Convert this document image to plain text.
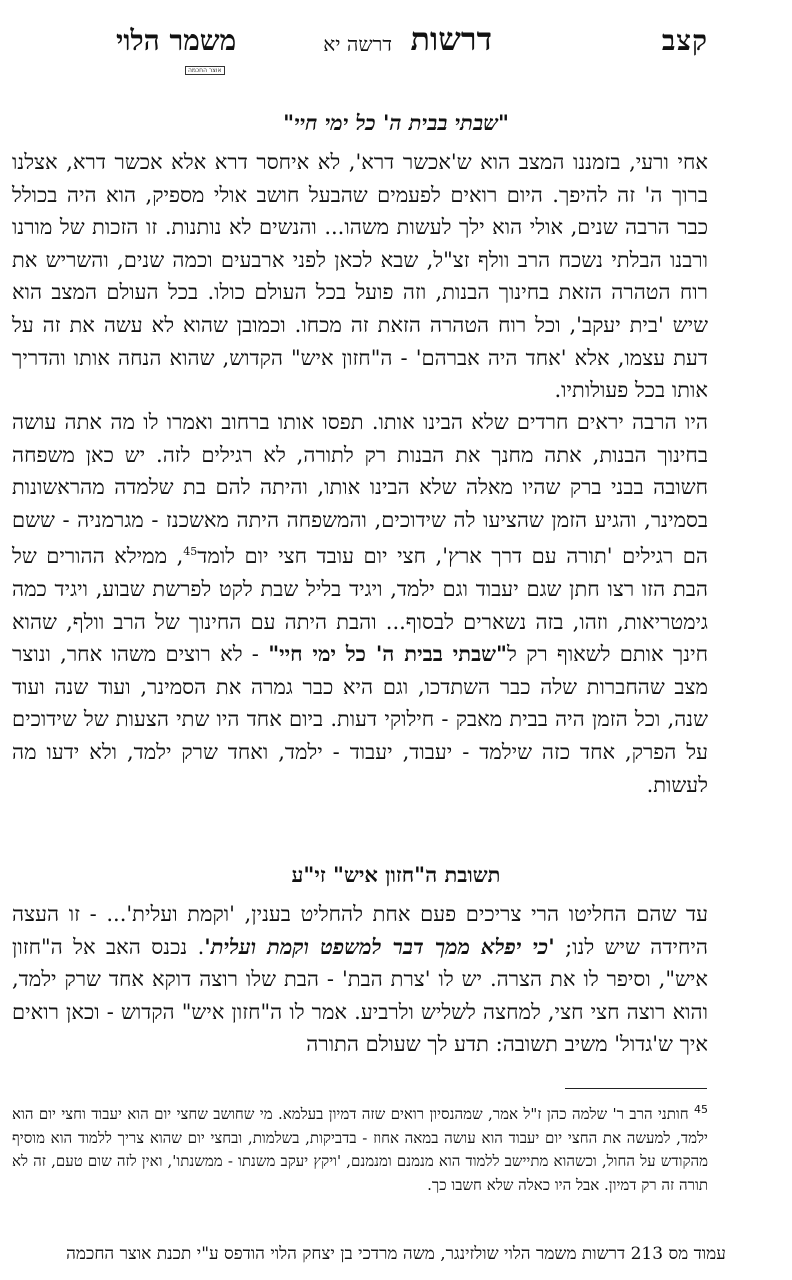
קצב
דרשות
אוצר החכמה
דרשה יא
משמר הלוי
"שבתי בבית ה' כל ימי חיי"

אחי ורעי, בזמננו המצב הוא ש'אכשר דרא', לא איחסר דרא אלא אכשר דרא, אצלנו ברוך ה' זה להיפך. היום רואים לפעמים שהבעל חושב אולי מספיק, הוא היה בכולל כבר הרבה שנים, אולי הוא ילך לעשות משהו... והנשים לא נותנות. זו הזכות של מורנו ורבנו הבלתי נשכח הרב וולף זצ"ל, שבא לכאן לפני ארבעים וכמה שנים, והשריש את רוח הטהרה הזאת בחינוך הבנות, וזה פועל בכל העולם כולו. בכל העולם המצב הוא שיש 'בית יעקב', וכל רוח הטהרה הזאת זה מכחו. וכמובן שהוא לא עשה את זה על דעת עצמו, אלא 'אחד היה אברהם' - ה"חזון איש" הקדוש, שהוא הנחה אותו והדריך אותו בכל פעולותיו.

היו הרבה יראים חרדים שלא הבינו אותו. תפסו אותו ברחוב ואמרו לו מה אתה עושה בחינוך הבנות, אתה מחנך את הבנות רק לתורה, לא רגילים לזה. יש כאן משפחה חשובה בבני ברק שהיו מאלה שלא הבינו אותו, והיתה להם בת שלמדה מהראשונות בסמינר, והגיע הזמן שהציעו לה שידוכים, והמשפחה היתה מאשכנז - מגרמניה - ששם הם רגילים 'תורה עם דרך ארץ', חצי יום עובד חצי יום לומד$^{45}$, ממילא ההורים של הבת הזו רצו חתן שגם יעבוד וגם ילמד, ויגיד בליל שבת לקט לפרשת שבוע, ויגיד כמה גימטריאות, וזהו, בזה נשארים לבסוף... והבת היתה עם החינוך של הרב וולף, שהוא חינך אותם לשאוף רק ל"שבתי בבית ה' כל ימי חיי" - לא רוצים משהו אחר, ונוצר מצב שהחברות שלה כבר השתדכו, וגם היא כבר גמרה את הסמינר, ועוד שנה ועוד שנה, וכל הזמן היה בבית מאבק - חילוקי דעות. ביום אחד היו שתי הצעות של שידוכים על הפרק, אחד כזה שילמד - יעבוד, יעבוד - ילמד, ואחד שרק ילמד, ולא ידעו מה לעשות.

תשובת ה"חזון איש" זי"ע

עד שהם החליטו הרי צריכים פעם אחת להחליט בענין, 'וקמת ועלית'... - זו העצה היחידה שיש לנו; 'כי יפלא ממך דבר למשפט וקמת ועלית'. נכנס האב אל ה"חזון איש", וסיפר לו את הצרה. יש לו 'צרת הבת' - הבת שלו רוצה דוקא אחד שרק ילמד, והוא רוצה חצי חצי, למחצה לשליש ולרביע. אמר לו ה"חזון איש" הקדוש - וכאן רואים איך ש'גדול' משיב תשובה: תדע לך שעולם התורה

$^{45}$ חותני הרב ר' שלמה כהן ז"ל אמר, שמהנסיון רואים שזה דמיון בעלמא. מי שחושב שחצי יום הוא יעבוד וחצי יום הוא ילמד, למעשה את החצי יום יעבוד הוא עושה במאה אחוז - בדביקות, בשלמות, ובחצי יום שהוא צריך ללמוד הוא מוסיף מהקודש על החול, וכשהוא מתיישב ללמוד הוא מנמנם ומנמנם, 'ויקץ יעקב משנתו - ממשנתו', ואין לזה שום טעם, זה לא תורה זה רק דמיון. אבל היו כאלה שלא חשבו כך.
עמוד מס 213 דרשות משמר הלוי שולזינגר, משה מרדכי בן יצחק הלוי הודפס ע"י תכנת אוצר החכמה
